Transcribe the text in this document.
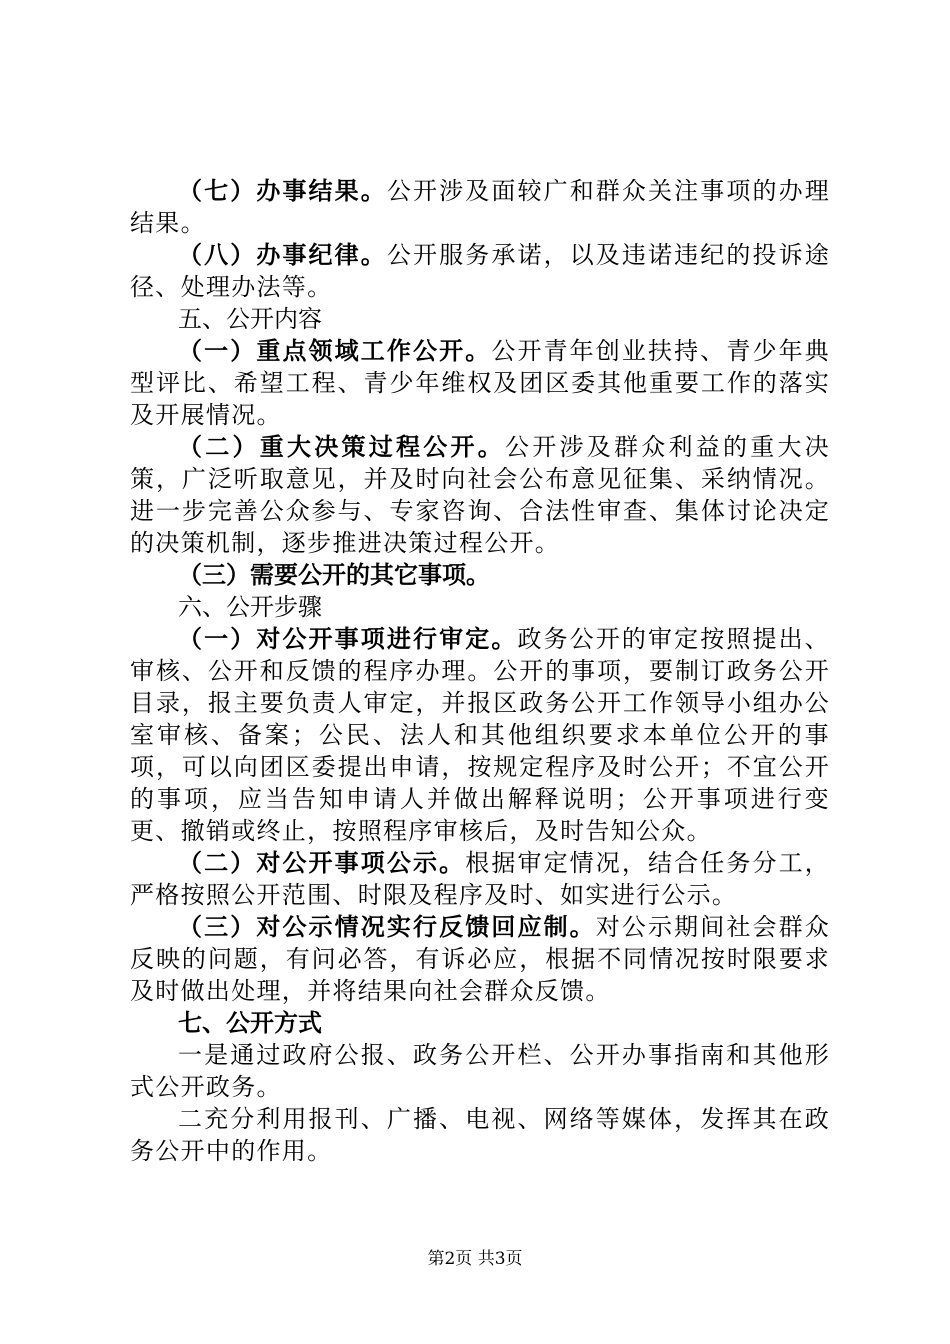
（七）办事结果。公开涉及面较广和群众关注事项的办理结果。

（八）办事纪律。公开服务承诺，以及违诺违纪的投诉途径、处理办法等。

五、公开内容

（一）重点领域工作公开。公开青年创业扶持、青少年典型评比、希望工程、青少年维权及团区委其他重要工作的落实及开展情况。

（二）重大决策过程公开。公开涉及群众利益的重大决策，广泛听取意见，并及时向社会公布意见征集、采纳情况。进一步完善公众参与、专家咨询、合法性审查、集体讨论决定的决策机制，逐步推进决策过程公开。

（三）需要公开的其它事项。

六、公开步骤

（一）对公开事项进行审定。政务公开的审定按照提出、审核、公开和反馈的程序办理。公开的事项，要制订政务公开目录，报主要负责人审定，并报区政务公开工作领导小组办公室审核、备案；公民、法人和其他组织要求本单位公开的事项，可以向团区委提出申请，按规定程序及时公开；不宜公开的事项，应当告知申请人并做出解释说明；公开事项进行变更、撤销或终止，按照程序审核后，及时告知公众。

（二）对公开事项公示。根据审定情况，结合任务分工，严格按照公开范围、时限及程序及时、如实进行公示。

（三）对公示情况实行反馈回应制。对公示期间社会群众反映的问题，有问必答，有诉必应，根据不同情况按时限要求及时做出处理，并将结果向社会群众反馈。

七、公开方式

一是通过政府公报、政务公开栏、公开办事指南和其他形式公开政务。

二充分利用报刊、广播、电视、网络等媒体，发挥其在政务公开中的作用。

第2页 共3页
